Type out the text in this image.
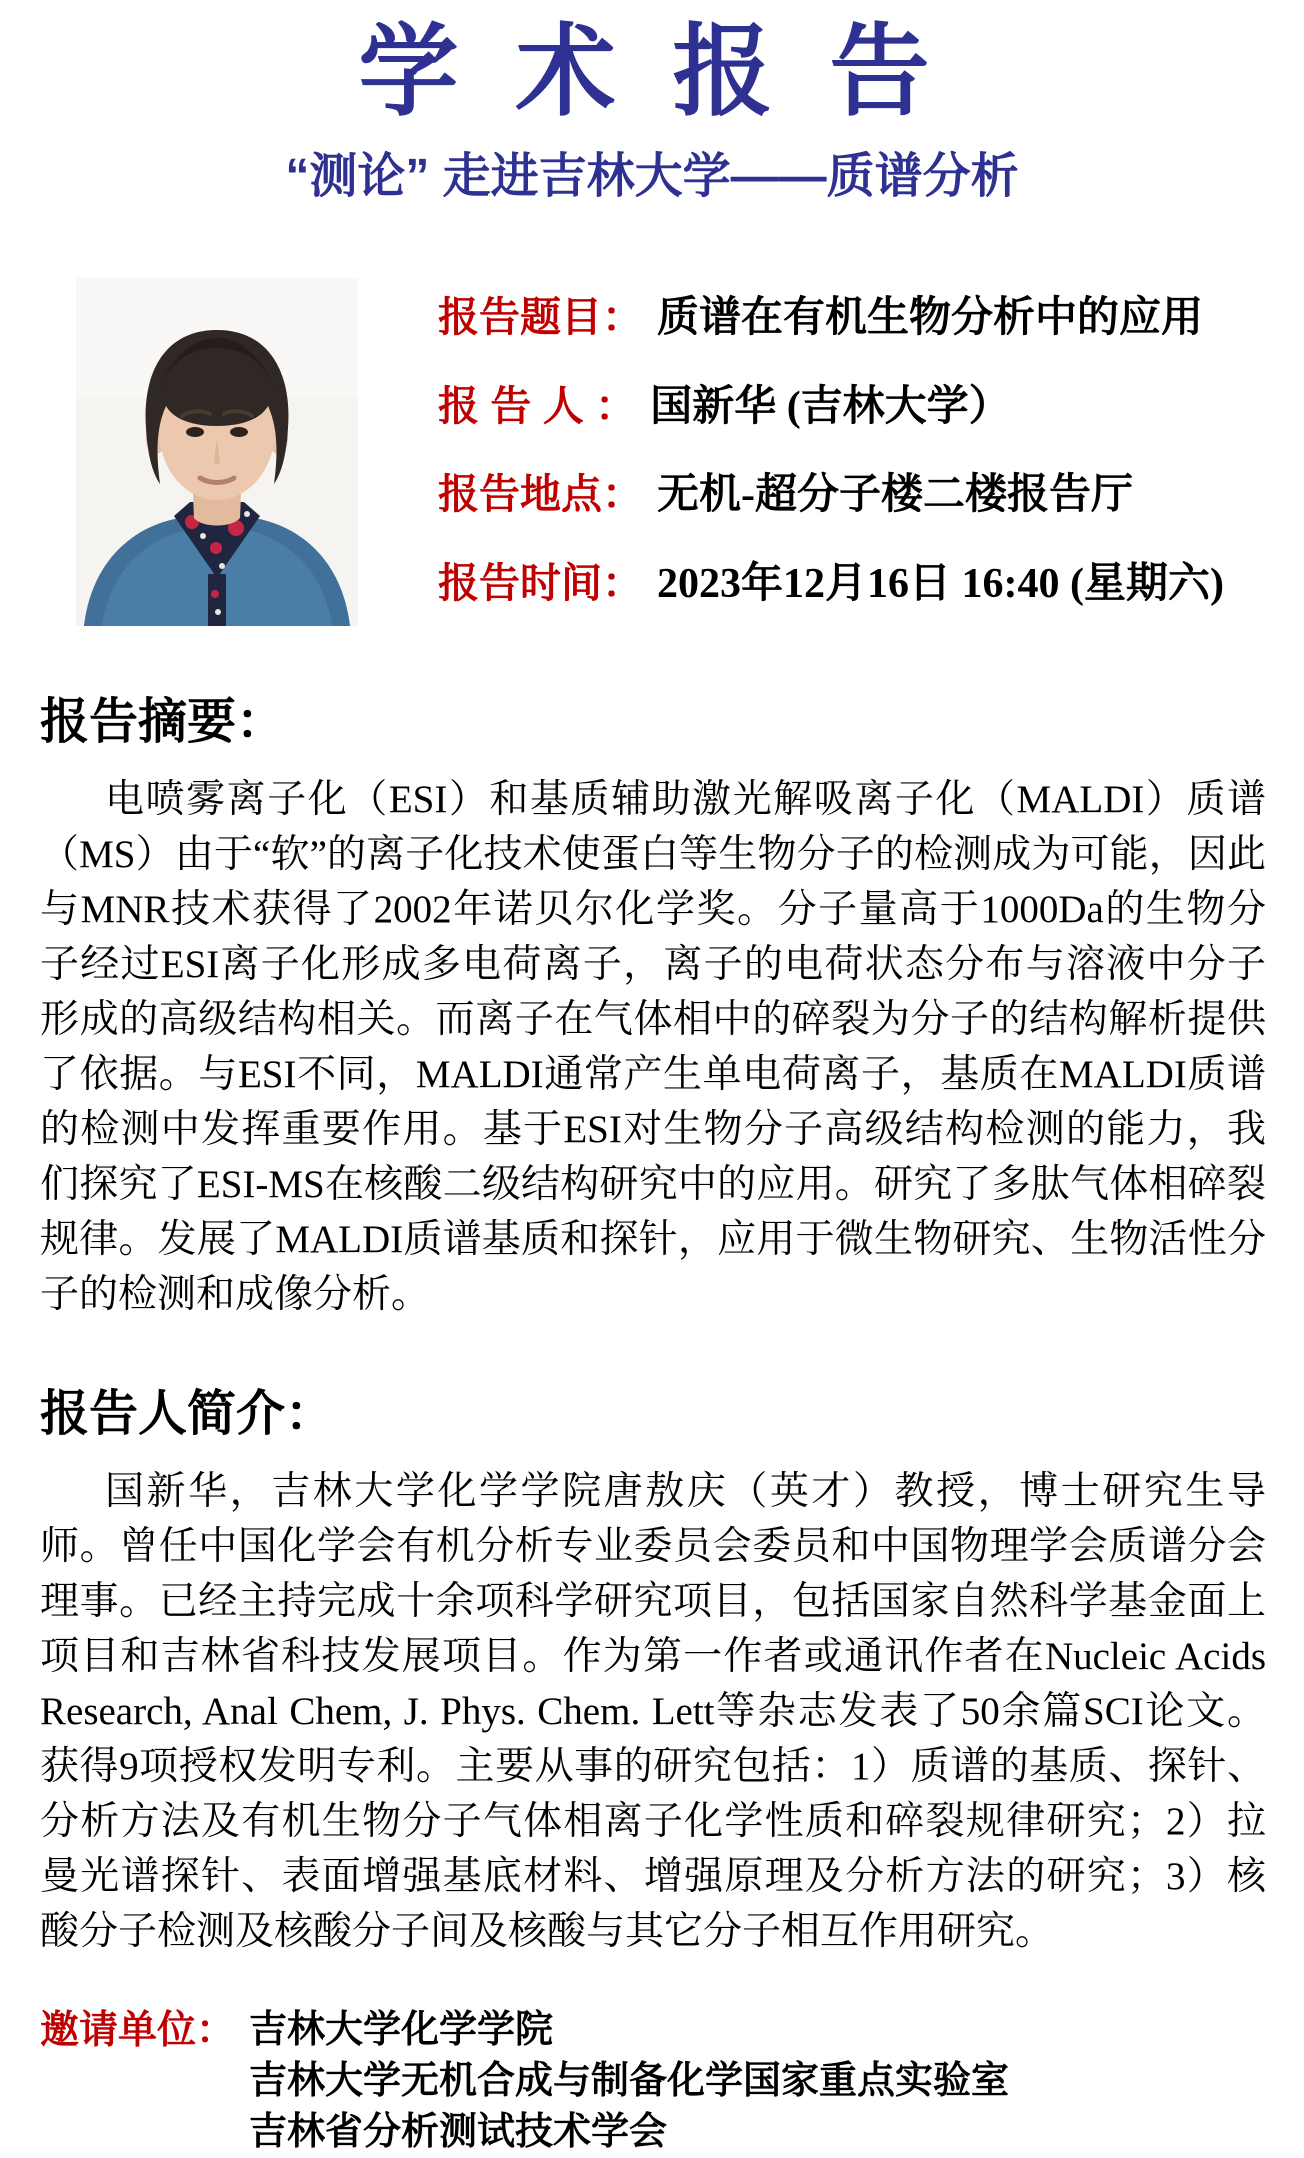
学 术 报 告
“测论” 走进吉林大学——质谱分析
报告题目： 质谱在有机生物分析中的应用
报 告 人 ： 国新华 (吉林大学）
报告地点： 无机-超分子楼二楼报告厅
报告时间： 2023年12月16日 16:40 (星期六)
报告摘要：

电喷雾离子化（ESI）和基质辅助激光解吸离子化（MALDI）质谱（MS）由于“软”的离子化技术使蛋白等生物分子的检测成为可能，因此与MNR技术获得了2002年诺贝尔化学奖。分子量高于1000Da的生物分子经过ESI离子化形成多电荷离子，离子的电荷状态分布与溶液中分子形成的高级结构相关。而离子在气体相中的碎裂为分子的结构解析提供了依据。与ESI不同，MALDI通常产生单电荷离子，基质在MALDI质谱的检测中发挥重要作用。基于ESI对生物分子高级结构检测的能力，我们探究了ESI-MS在核酸二级结构研究中的应用。研究了多肽气体相碎裂规律。发展了MALDI质谱基质和探针，应用于微生物研究、生物活性分子的检测和成像分析。

报告人简介：

国新华，吉林大学化学学院唐敖庆（英才）教授，博士研究生导师。曾任中国化学会有机分析专业委员会委员和中国物理学会质谱分会理事。已经主持完成十余项科学研究项目，包括国家自然科学基金面上项目和吉林省科技发展项目。作为第一作者或通讯作者在Nucleic Acids Research, Anal Chem, J. Phys. Chem. Lett等杂志发表了50余篇SCI论文。获得9项授权发明专利。主要从事的研究包括：1）质谱的基质、探针、分析方法及有机生物分子气体相离子化学性质和碎裂规律研究；2）拉曼光谱探针、表面增强基底材料、增强原理及分析方法的研究；3）核酸分子检测及核酸分子间及核酸与其它分子相互作用研究。

邀请单位： 吉林大学化学学院
吉林大学无机合成与制备化学国家重点实验室
吉林省分析测试技术学会
